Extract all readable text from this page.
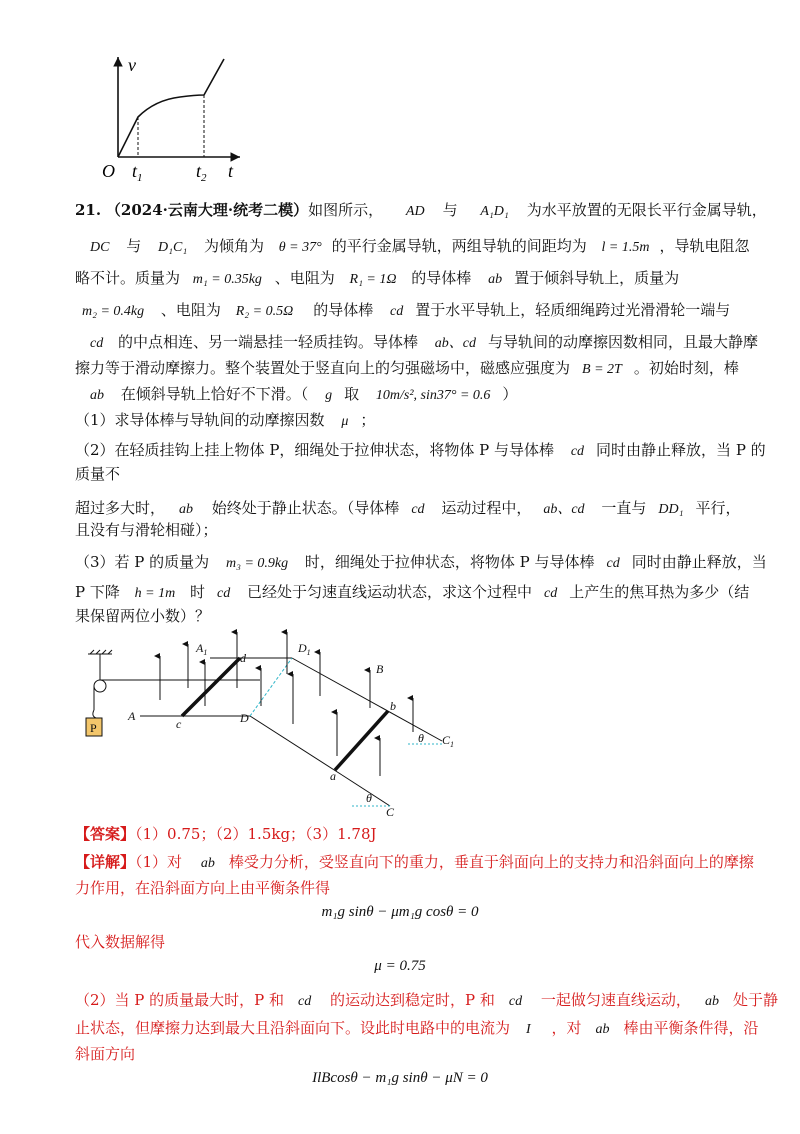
v
O $t_1$	$t_2$ t
21. （2024·云南大理·统考二模）如图所示， AD 与 A₁D₁ 为水平放置的无限长平行金属导轨，
DC 与 D₁C₁ 为倾角为 θ = 37° 的平行金属导轨，两组导轨的间距均为 l = 1.5m ，导轨电阻忽
略不计。质量为 m₁ = 0.35kg 、电阻为 R₁ = 1Ω 的导体棒 ab 置于倾斜导轨上，质量为
m₂ = 0.4kg 、电阻为 R₂ = 0.5Ω 的导体棒 cd 置于水平导轨上，轻质细绳跨过光滑滑轮一端与
cd 的中点相连、另一端悬挂一轻质挂钩。导体棒 ab、cd 与导轨间的动摩擦因数相同，且最大静摩
擦力等于滑动摩擦力。整个装置处于竖直向上的匀强磁场中，磁感应强度为 B = 2T 。初始时刻，棒
ab 在倾斜导轨上恰好不下滑。（ g 取 10m/s², sin37° = 0.6 ）
（1）求导体棒与导轨间的动摩擦因数 μ ；
（2）在轻质挂钩上挂上物体 P，细绳处于拉伸状态，将物体 P 与导体棒 cd 同时由静止释放，当 P 的
质量不
超过多大时， ab 始终处于静止状态。（导体棒 cd 运动过程中， ab、cd 一直与 DD₁ 平行，
且没有与滑轮相碰）；
（3）若 P 的质量为 m₃ = 0.9kg 时，细绳处于拉伸状态，将物体 P 与导体棒 cd 同时由静止释放，当
P 下降 h = 1m 时 cd 已经处于匀速直线运动状态，求这个过程中 cd 上产生的焦耳热为多少（结
果保留两位小数）？
P
A
$A_1$
c
d
D
$D_1$
B
b
a
C
$C_1$
θ
θ
【答案】（1）0.75；（2）1.5kg；（3）1.78J
【详解】（1）对 ab 棒受力分析，受竖直向下的重力，垂直于斜面向上的支持力和沿斜面向上的摩擦
力作用，在沿斜面方向上由平衡条件得
m₁g sinθ − μm₁g cosθ = 0
代入数据解得
μ = 0.75
（2）当 P 的质量最大时，P 和 cd 的运动达到稳定时，P 和 cd 一起做匀速直线运动， ab 处于静
止状态，但摩擦力达到最大且沿斜面向下。设此时电路中的电流为 I ，对 ab 棒由平衡条件得，沿
斜面方向
IlBcosθ − m₁g sinθ − μN = 0
